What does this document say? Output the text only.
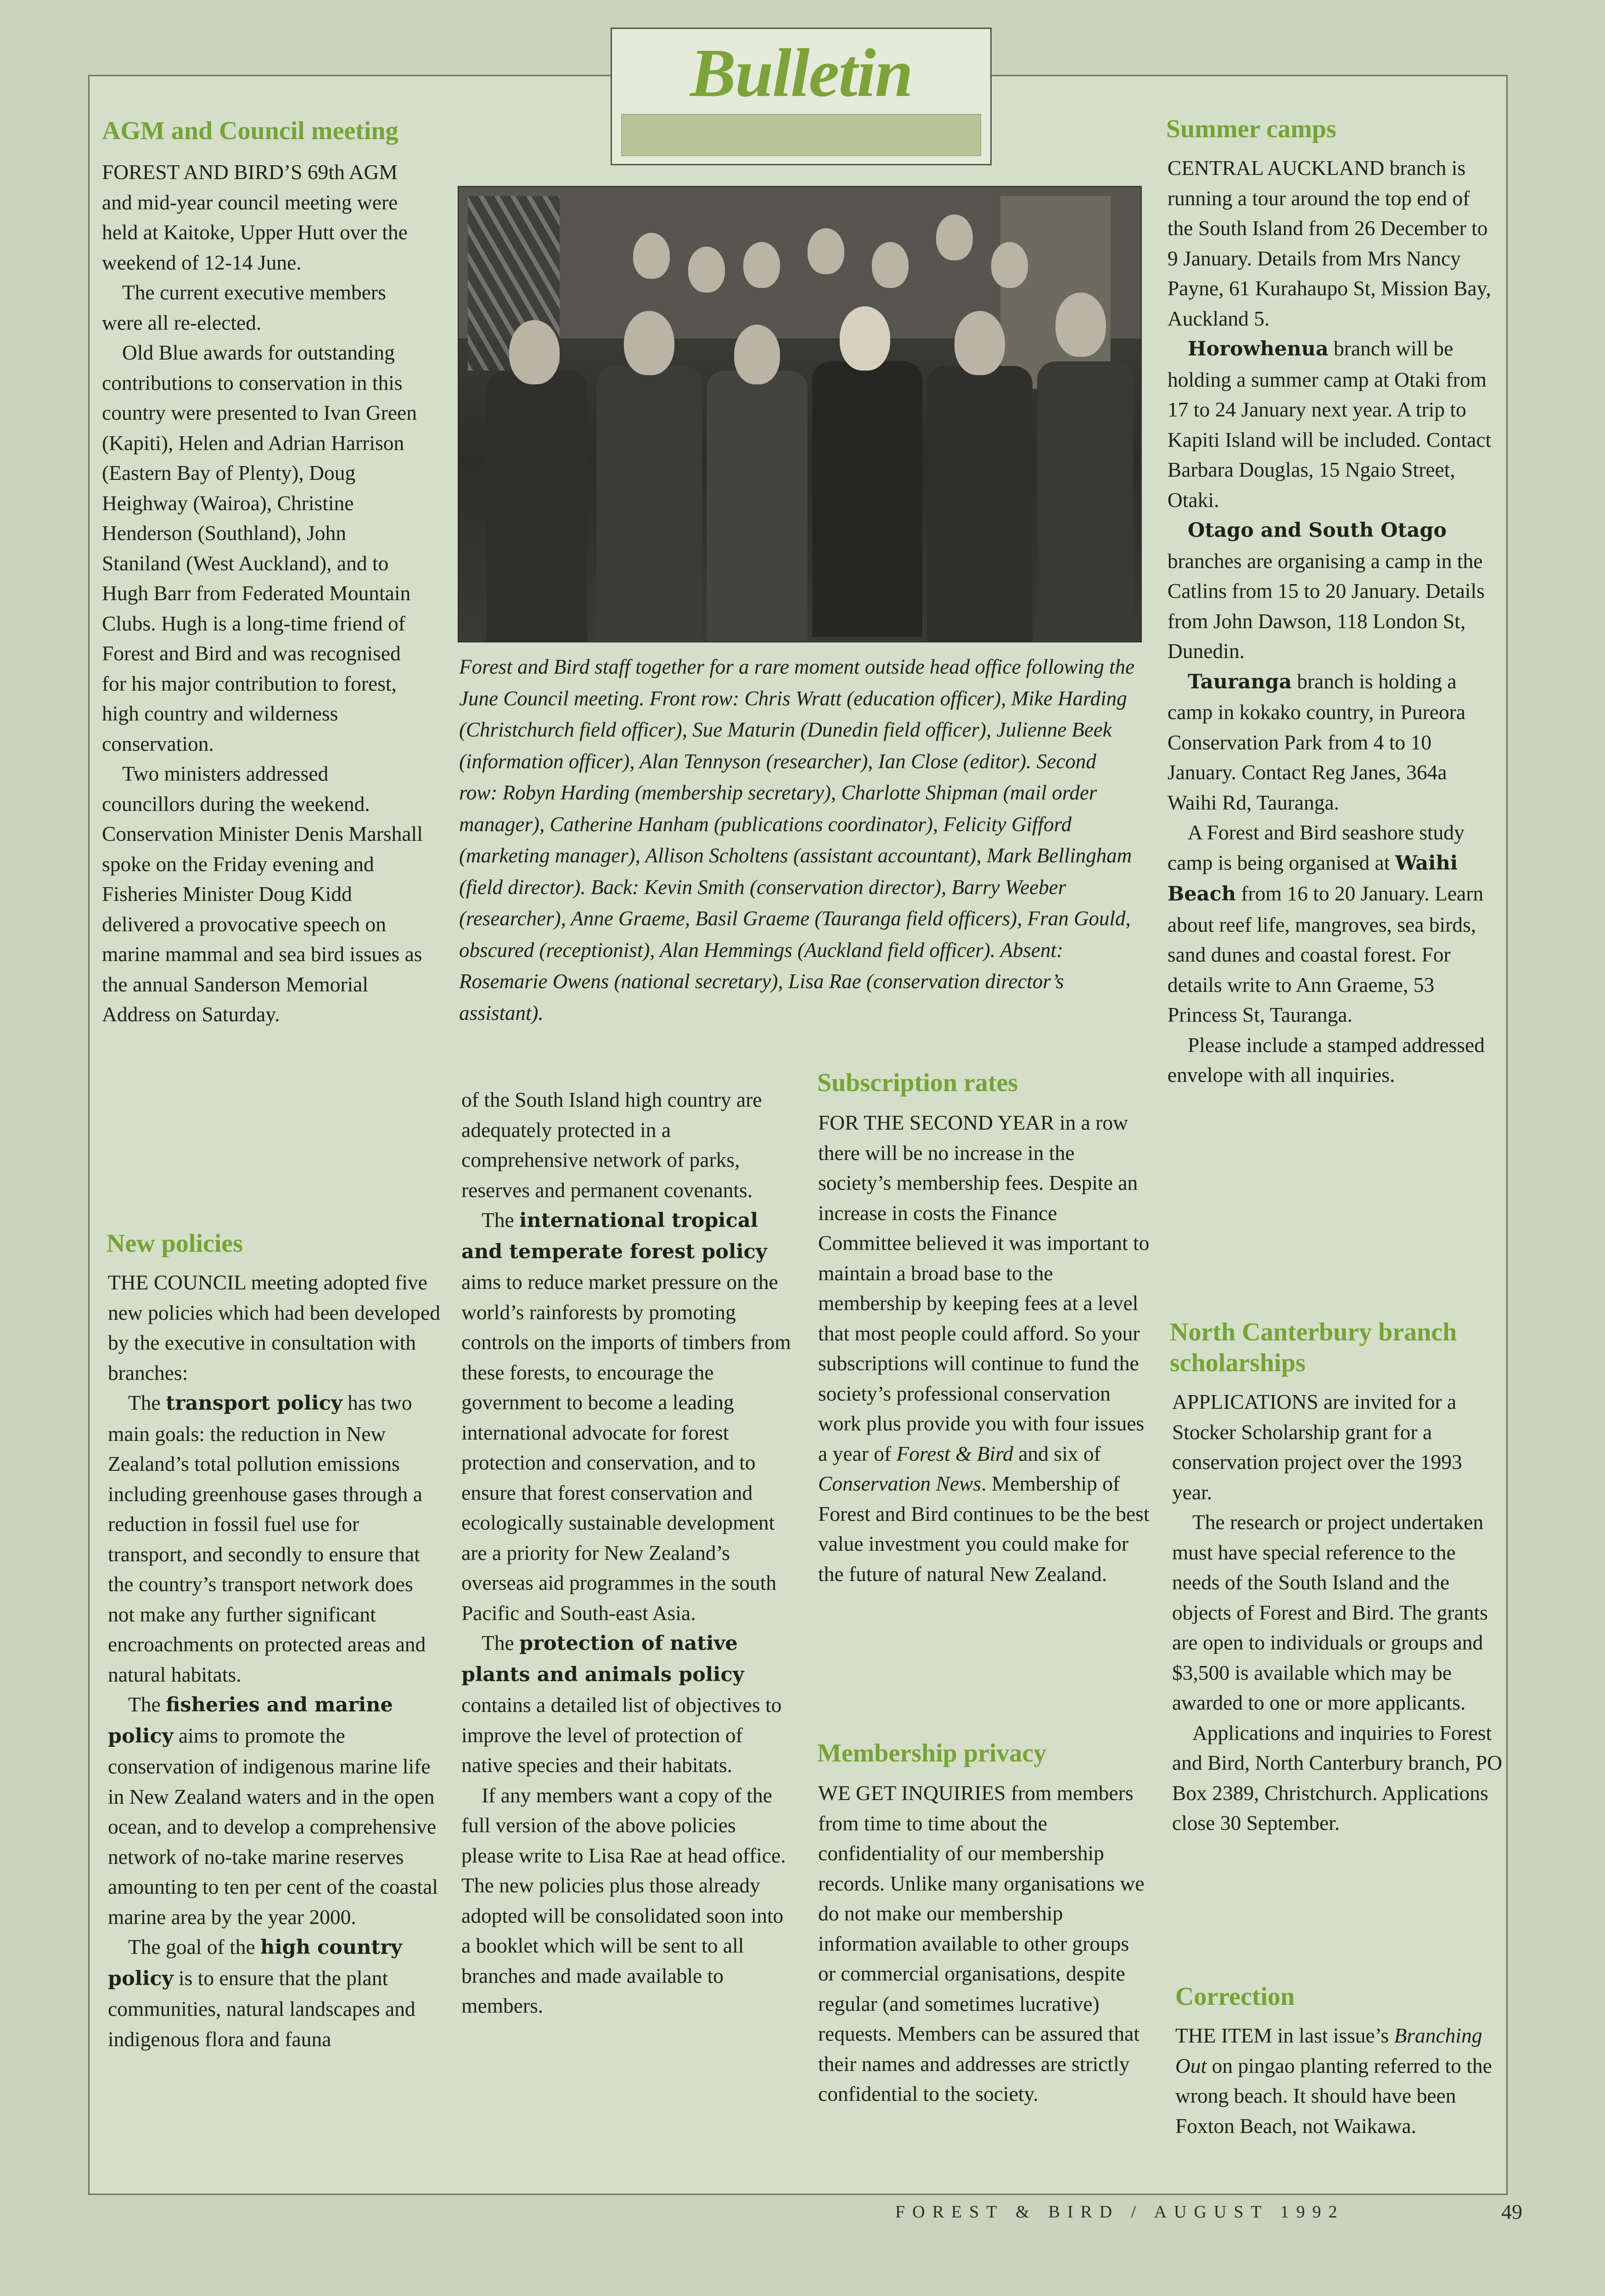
Bulletin
AGM and Council meeting

FOREST AND BIRD’S 69th AGM and mid-year council meeting were held at Kaitoke, Upper Hutt over the weekend of 12-14 June.

The current executive members were all re-elected.

Old Blue awards for outstanding contributions to conservation in this country were presented to Ivan Green (Kapiti), Helen and Adrian Harrison (Eastern Bay of Plenty), Doug Heighway (Wairoa), Christine Henderson (Southland), John Staniland (West Auckland), and to Hugh Barr from Federated Mountain Clubs. Hugh is a long-time friend of Forest and Bird and was recognised for his major contribution to forest, high country and wilderness conservation.

Two ministers addressed councillors during the weekend. Conservation Minister Denis Marshall spoke on the Friday evening and Fisheries Minister Doug Kidd delivered a provocative speech on marine mammal and sea bird issues as the annual Sanderson Memorial Address on Saturday.

New policies

THE COUNCIL meeting adopted five new policies which had been developed by the executive in consultation with branches:

The transport policy has two main goals: the reduction in New Zealand’s total pollution emissions including greenhouse gases through a reduction in fossil fuel use for transport, and secondly to ensure that the country’s transport network does not make any further significant encroachments on protected areas and natural habitats.

The fisheries and marine policy aims to promote the conservation of indigenous marine life in New Zealand waters and in the open ocean, and to develop a comprehensive network of no-take marine reserves amounting to ten per cent of the coastal marine area by the year 2000.

The goal of the high country policy is to ensure that the plant communities, natural landscapes and indigenous flora and fauna

Forest and Bird staff together for a rare moment outside head office following the June Council meeting. Front row: Chris Wratt (education officer), Mike Harding (Christchurch field officer), Sue Maturin (Dunedin field officer), Julienne Beek (information officer), Alan Tennyson (researcher), Ian Close (editor). Second row: Robyn Harding (membership secretary), Charlotte Shipman (mail order manager), Catherine Hanham (publications coordinator), Felicity Gifford (marketing manager), Allison Scholtens (assistant accountant), Mark Bellingham (field director). Back: Kevin Smith (conservation director), Barry Weeber (researcher), Anne Graeme, Basil Graeme (Tauranga field officers), Fran Gould, obscured (receptionist), Alan Hemmings (Auckland field officer). Absent: Rosemarie Owens (national secretary), Lisa Rae (conservation director’s assistant).

of the South Island high country are adequately protected in a comprehensive network of parks, reserves and permanent covenants.

The international tropical and temperate forest policy aims to reduce market pressure on the world’s rainforests by promoting controls on the imports of timbers from these forests, to encourage the government to become a leading international advocate for forest protection and conservation, and to ensure that forest conservation and ecologically sustainable development are a priority for New Zealand’s overseas aid programmes in the south Pacific and South-east Asia.

The protection of native plants and animals policy contains a detailed list of objectives to improve the level of protection of native species and their habitats.

If any members want a copy of the full version of the above policies please write to Lisa Rae at head office. The new policies plus those already adopted will be consolidated soon into a booklet which will be sent to all branches and made available to members.

Subscription rates

FOR THE SECOND YEAR in a row there will be no increase in the society’s membership fees. Despite an increase in costs the Finance Committee believed it was important to maintain a broad base to the membership by keeping fees at a level that most people could afford. So your subscriptions will continue to fund the society’s professional conservation work plus provide you with four issues a year of Forest & Bird and six of Conservation News. Membership of Forest and Bird continues to be the best value investment you could make for the future of natural New Zealand.

Membership privacy

WE GET INQUIRIES from members from time to time about the confidentiality of our membership records. Unlike many organisations we do not make our membership information available to other groups or commercial organisations, despite regular (and sometimes lucrative) requests. Members can be assured that their names and addresses are strictly confidential to the society.

Summer camps

CENTRAL AUCKLAND branch is running a tour around the top end of the South Island from 26 December to 9 January. Details from Mrs Nancy Payne, 61 Kurahaupo St, Mission Bay, Auckland 5.

Horowhenua branch will be holding a summer camp at Otaki from 17 to 24 January next year. A trip to Kapiti Island will be included. Contact Barbara Douglas, 15 Ngaio Street, Otaki.

Otago and South Otago branches are organising a camp in the Catlins from 15 to 20 January. Details from John Dawson, 118 London St, Dunedin.

Tauranga branch is holding a camp in kokako country, in Pureora Conservation Park from 4 to 10 January. Contact Reg Janes, 364a Waihi Rd, Tauranga.

A Forest and Bird seashore study camp is being organised at Waihi Beach from 16 to 20 January. Learn about reef life, mangroves, sea birds, sand dunes and coastal forest. For details write to Ann Graeme, 53 Princess St, Tauranga.

Please include a stamped addressed envelope with all inquiries.

North Canterbury branch scholarships

APPLICATIONS are invited for a Stocker Scholarship grant for a conservation project over the 1993 year.

The research or project undertaken must have special reference to the needs of the South Island and the objects of Forest and Bird. The grants are open to individuals or groups and $3,500 is available which may be awarded to one or more applicants.

Applications and inquiries to Forest and Bird, North Canterbury branch, PO Box 2389, Christchurch. Applications close 30 September.

Correction

THE ITEM in last issue’s Branching Out on pingao planting referred to the wrong beach. It should have been Foxton Beach, not Waikawa.

FOREST & BIRD / AUGUST 1992	49
